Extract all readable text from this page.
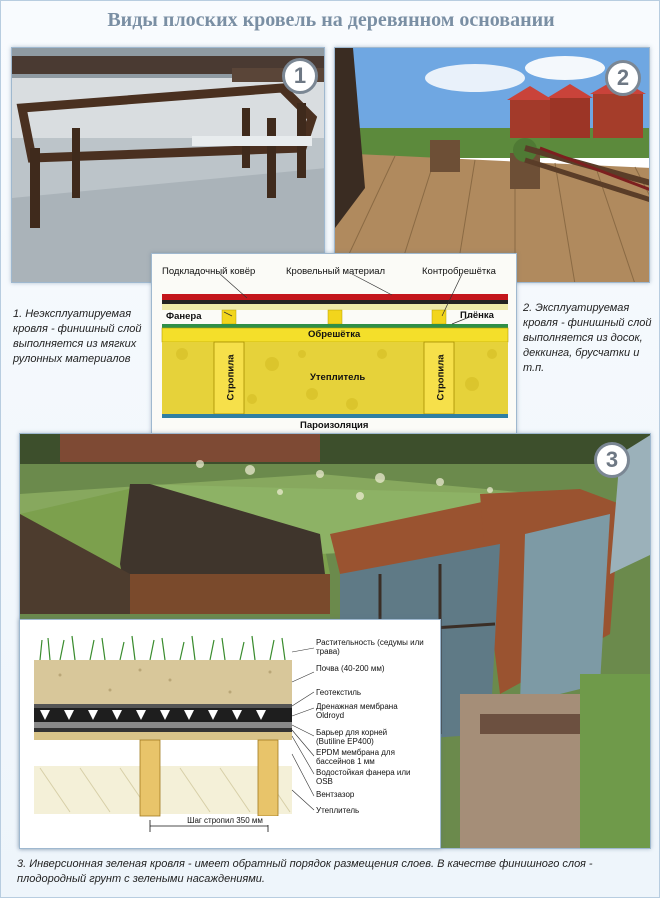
Виды плоских кровель на деревянном основании
1	2
1. Неэксплуатируемая кровля - финишный слой выполняется из мягких рулонных материалов
2. Эксплуатируемая кровля - финишный слой выполняется из досок, деккинга, брусчатки и т.п.
Подкладочный ковёр	Кровельный материал	Контробрешётка
Фанера	Плёнка
Обрешётка
Стропила	Стропила
Утеплитель
Пароизоляция
3
Растительность (седумы или трава)
Почва (40-200 мм)
Геотекстиль
Дренажная мембрана Oldroyd
Барьер для корней (Butiline EP400)
EPDM мембрана для бассейнов 1 мм
Водостойкая фанера или OSB
Вентзазор
Утеплитель
Шаг стропил 350 мм
3. Инверсионная зеленая кровля - имеет обратный порядок размещения слоев. В качестве финишного слоя - плодородный грунт с зелеными насаждениями.
